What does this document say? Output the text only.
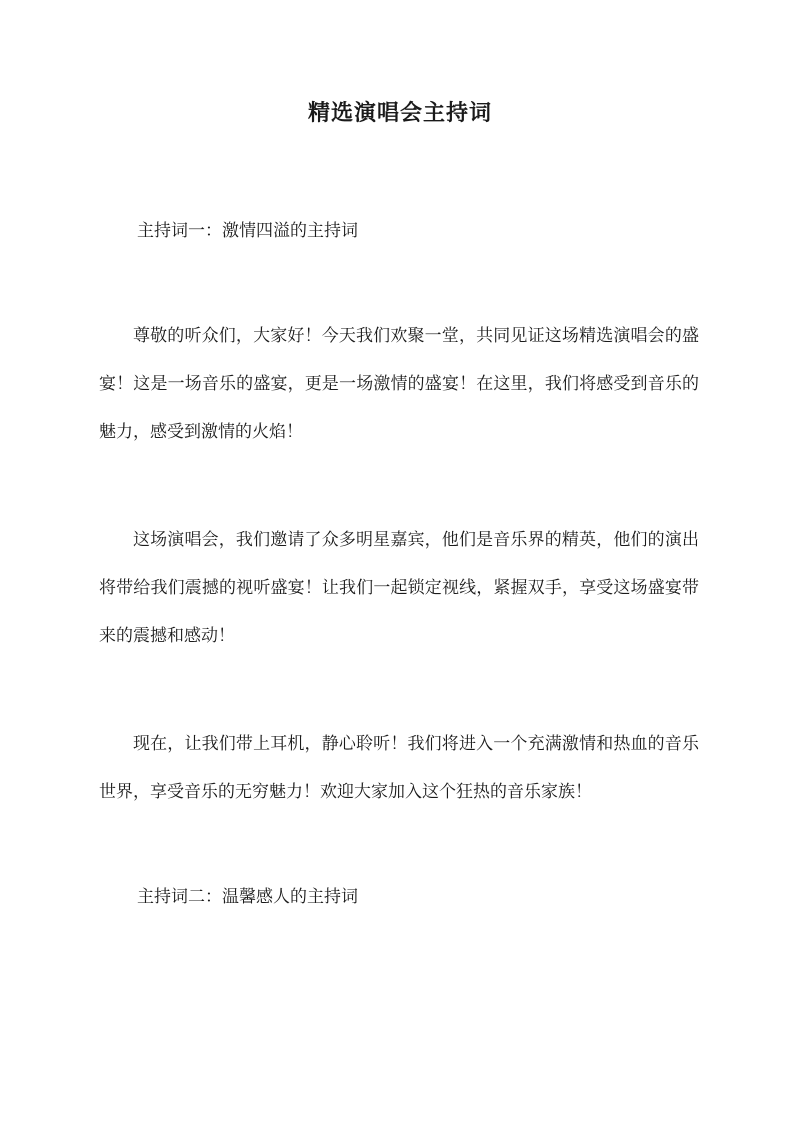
精选演唱会主持词
主持词一：激情四溢的主持词

尊敬的听众们，大家好！今天我们欢聚一堂，共同见证这场精选演唱会的盛宴！这是一场音乐的盛宴，更是一场激情的盛宴！在这里，我们将感受到音乐的魅力，感受到激情的火焰！

这场演唱会，我们邀请了众多明星嘉宾，他们是音乐界的精英，他们的演出将带给我们震撼的视听盛宴！让我们一起锁定视线，紧握双手，享受这场盛宴带来的震撼和感动！

现在，让我们带上耳机，静心聆听！我们将进入一个充满激情和热血的音乐世界，享受音乐的无穷魅力！欢迎大家加入这个狂热的音乐家族！

主持词二：温馨感人的主持词
